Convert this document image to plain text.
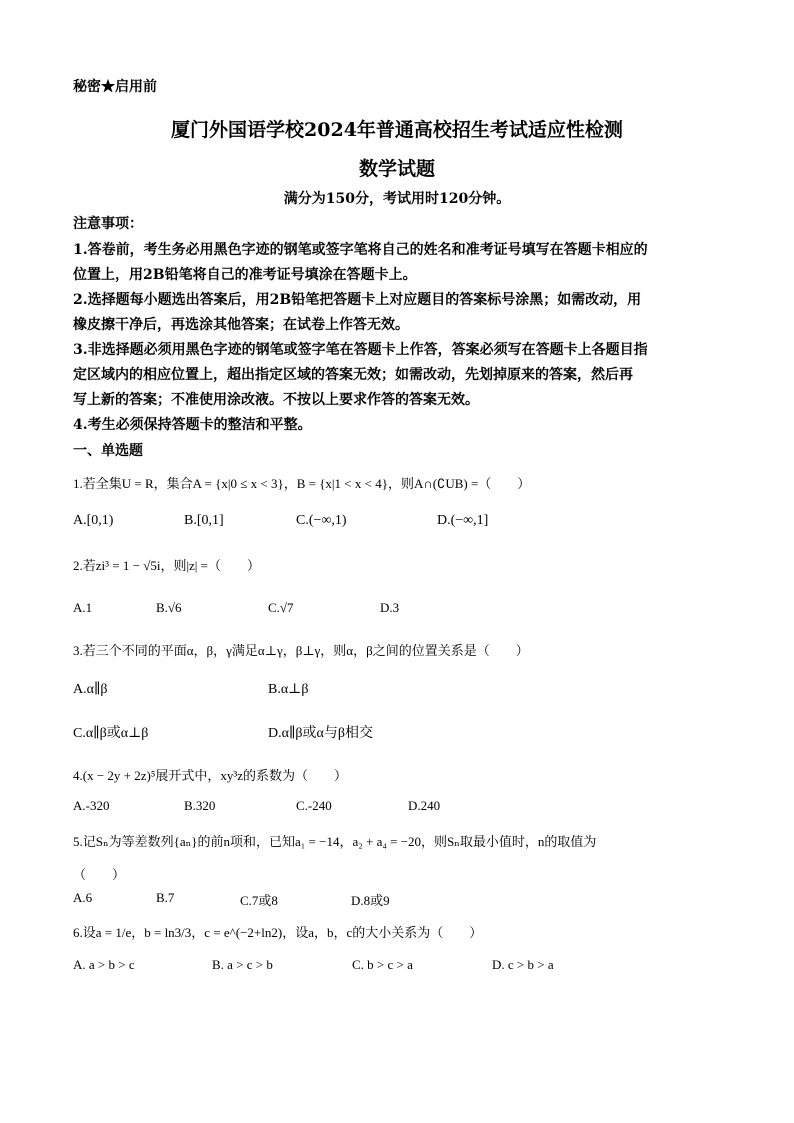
秘密★启用前
厦门外国语学校2024年普通高校招生考试适应性检测
数学试题
满分为150分，考试用时120分钟。
注意事项：
1.答卷前，考生务必用黑色字迹的钢笔或签字笔将自己的姓名和准考证号填写在答题卡相应的
位置上，用2B铅笔将自己的准考证号填涂在答题卡上。
2.选择题每小题选出答案后，用2B铅笔把答题卡上对应题目的答案标号涂黑；如需改动，用
橡皮擦干净后，再选涂其他答案；在试卷上作答无效。
3.非选择题必须用黑色字迹的钢笔或签字笔在答题卡上作答，答案必须写在答题卡上各题目指
定区域内的相应位置上，超出指定区域的答案无效；如需改动，先划掉原来的答案，然后再
写上新的答案；不准使用涂改液。不按以上要求作答的答案无效。
4.考生必须保持答题卡的整洁和平整。
一、单选题
1.若全集U = R，集合A = {x|0 ≤ x < 3}，B = {x|1 < x < 4}，则A∩(∁UB) =（　　）
A.[0,1)	B.[0,1]	C.(−∞,1)	D.(−∞,1]
2.若zi³ = 1 − √5i，则|z| =（　　）
A.1	B.√6	C.√7	D.3
3.若三个不同的平面α，β，γ满足α⊥γ，β⊥γ，则α，β之间的位置关系是（　　）
A.α∥β	B.α⊥β
C.α∥β或α⊥β	D.α∥β或α与β相交
4.(x − 2y + 2z)⁵展开式中，xy³z的系数为（　　）
A.-320	B.320	C.-240	D.240
5.记Sₙ为等差数列{aₙ}的前n项和，已知a₁ = −14，a₂ + a₄ = −20，则Sₙ取最小值时，n的取值为
（　　）
A.6	B.7	C.7或8	D.8或9
6.设a = 1/e，b = ln3/3，c = e^(−2+ln2)，设a，b，c的大小关系为（　　）
A. a > b > c	B. a > c > b	C. b > c > a	D. c > b > a
